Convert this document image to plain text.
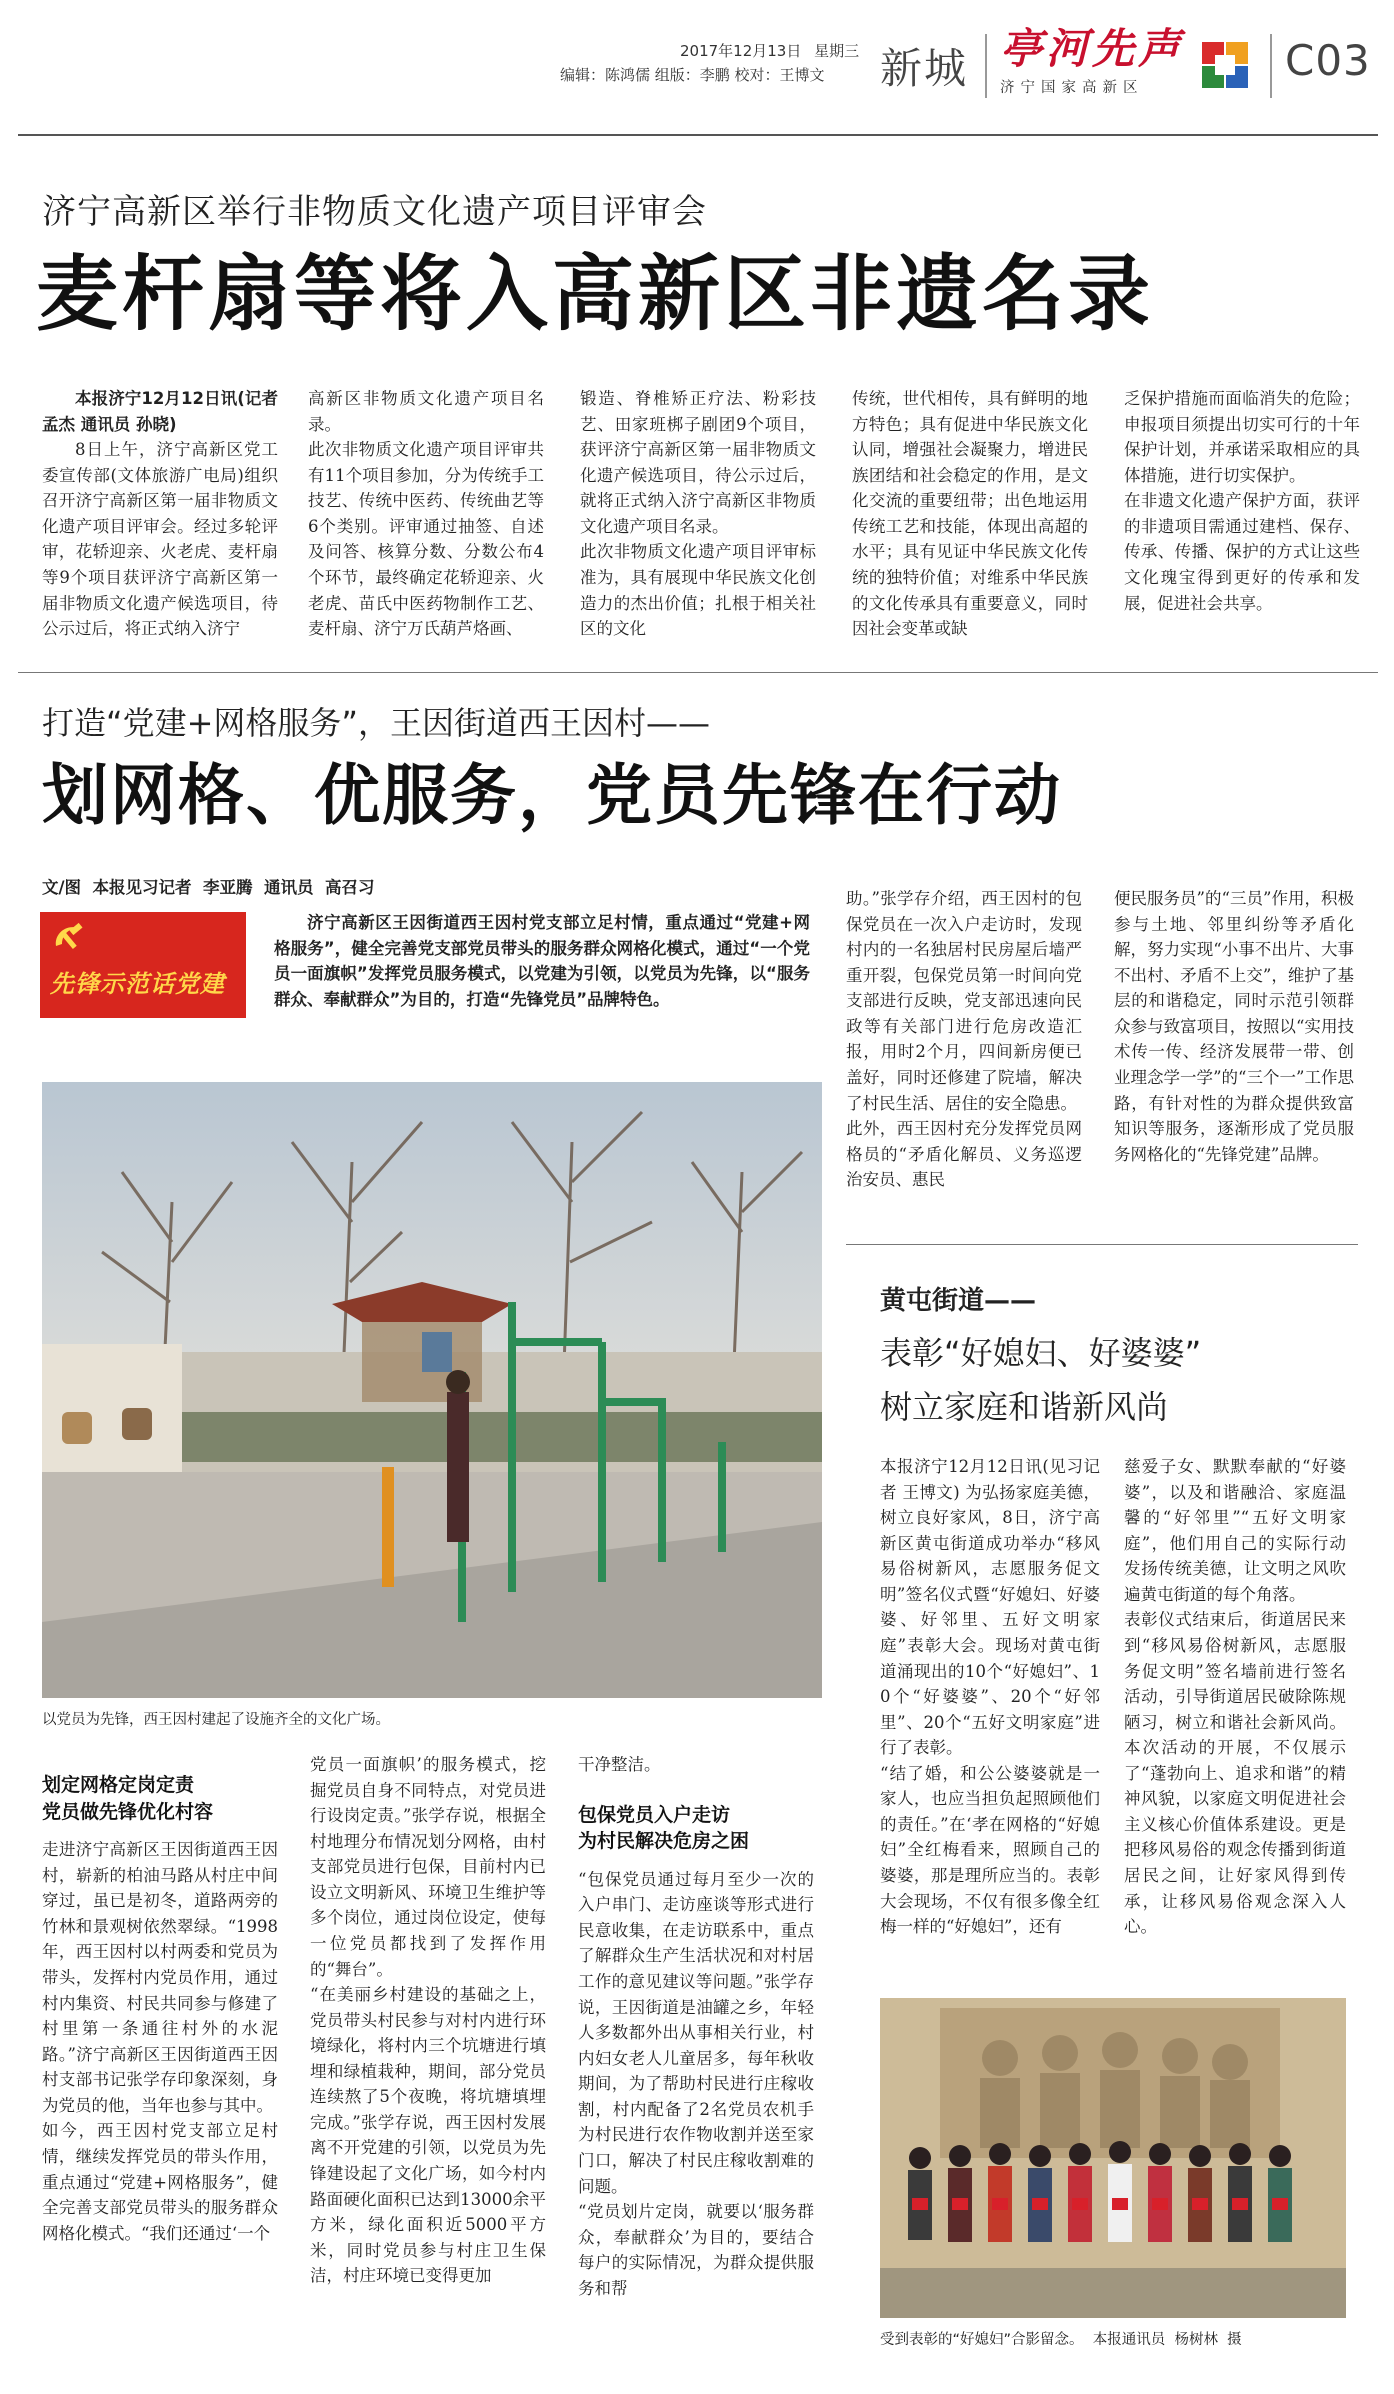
2017年12月13日 星期三
编辑：陈鸿儒 组版：李鹏 校对：王博文 新城 亭河先声
济宁国家高新区
C03
济宁高新区举行非物质文化遗产项目评审会
麦杆扇等将入高新区非遗名录
本报济宁12月12日讯(记者 孟杰 通讯员 孙晓)
8日上午，济宁高新区党工委宣传部(文体旅游广电局)组织召开济宁高新区第一届非物质文化遗产项目评审会。经过多轮评审，花轿迎亲、火老虎、麦杆扇等9个项目获评济宁高新区第一届非物质文化遗产候选项目，待公示过后，将正式纳入济宁
高新区非物质文化遗产项目名录。
此次非物质文化遗产项目评审共有11个项目参加，分为传统手工技艺、传统中医药、传统曲艺等6个类别。评审通过抽签、自述及问答、核算分数、分数公布4个环节，最终确定花轿迎亲、火老虎、苗氏中医药物制作工艺、麦杆扇、济宁万氏葫芦烙画、
锻造、脊椎矫正疗法、粉彩技艺、田家班梆子剧团9个项目，获评济宁高新区第一届非物质文化遗产候选项目，待公示过后，就将正式纳入济宁高新区非物质文化遗产项目名录。
此次非物质文化遗产项目评审标准为，具有展现中华民族文化创造力的杰出价值；扎根于相关社区的文化
传统，世代相传，具有鲜明的地方特色；具有促进中华民族文化认同，增强社会凝聚力，增进民族团结和社会稳定的作用，是文化交流的重要纽带；出色地运用传统工艺和技能，体现出高超的水平；具有见证中华民族文化传统的独特价值；对维系中华民族的文化传承具有重要意义，同时因社会变革或缺
乏保护措施而面临消失的危险；申报项目须提出切实可行的十年保护计划，并承诺采取相应的具体措施，进行切实保护。
在非遗文化遗产保护方面，获评的非遗项目需通过建档、保存、传承、传播、保护的方式让这些文化瑰宝得到更好的传承和发展，促进社会共享。
打造“党建+网格服务”，王因街道西王因村——
划网格、优服务，党员先锋在行动
文/图  本报见习记者  李亚腾  通讯员  高召习
先锋示范话党建
济宁高新区王因街道西王因村党支部立足村情，重点通过“党建+网格服务”，健全完善党支部党员带头的服务群众网格化模式，通过“一个党员一面旗帜”发挥党员服务模式，以党建为引领，以党员为先锋，以“服务群众、奉献群众”为目的，打造“先锋党员”品牌特色。
以党员为先锋，西王因村建起了设施齐全的文化广场。
助。”张学存介绍，西王因村的包保党员在一次入户走访时，发现村内的一名独居村民房屋后墙严重开裂，包保党员第一时间向党支部进行反映，党支部迅速向民政等有关部门进行危房改造汇报，用时2个月，四间新房便已盖好，同时还修建了院墙，解决了村民生活、居住的安全隐患。
此外，西王因村充分发挥党员网格员的“矛盾化解员、义务巡逻治安员、惠民
便民服务员”的“三员”作用，积极参与土地、邻里纠纷等矛盾化解，努力实现“小事不出片、大事不出村、矛盾不上交”，维护了基层的和谐稳定，同时示范引领群众参与致富项目，按照以“实用技术传一传、经济发展带一带、创业理念学一学”的“三个一”工作思路，有针对性的为群众提供致富知识等服务，逐渐形成了党员服务网格化的“先锋党建”品牌。
划定网格定岗定责
党员做先锋优化村容
走进济宁高新区王因街道西王因村，崭新的柏油马路从村庄中间穿过，虽已是初冬，道路两旁的竹林和景观树依然翠绿。“1998年，西王因村以村两委和党员为带头，发挥村内党员作用，通过村内集资、村民共同参与修建了村里第一条通往村外的水泥路。”济宁高新区王因街道西王因村支部书记张学存印象深刻，身为党员的他，当年也参与其中。
如今，西王因村党支部立足村情，继续发挥党员的带头作用，重点通过“党建+网格服务”，健全完善支部党员带头的服务群众网格化模式。“我们还通过‘一个
党员一面旗帜’的服务模式，挖掘党员自身不同特点，对党员进行设岗定责。”张学存说，根据全村地理分布情况划分网格，由村支部党员进行包保，目前村内已设立文明新风、环境卫生维护等多个岗位，通过岗位设定，使每一位党员都找到了发挥作用的“舞台”。
“在美丽乡村建设的基础之上，党员带头村民参与对村内进行环境绿化，将村内三个坑塘进行填埋和绿植栽种，期间，部分党员连续熬了5个夜晚，将坑塘填埋完成。”张学存说，西王因村发展离不开党建的引领，以党员为先锋建设起了文化广场，如今村内路面硬化面积已达到13000余平方米，绿化面积近5000平方米，同时党员参与村庄卫生保洁，村庄环境已变得更加
干净整洁。
包保党员入户走访
为村民解决危房之困
“包保党员通过每月至少一次的入户串门、走访座谈等形式进行民意收集，在走访联系中，重点了解群众生产生活状况和对村居工作的意见建议等问题。”张学存说，王因街道是油罐之乡，年轻人多数都外出从事相关行业，村内妇女老人儿童居多，每年秋收期间，为了帮助村民进行庄稼收割，村内配备了2名党员农机手为村民进行农作物收割并送至家门口，解决了村民庄稼收割难的问题。
“党员划片定岗，就要以‘服务群众，奉献群众’为目的，要结合每户的实际情况，为群众提供服务和帮
黄屯街道——
表彰“好媳妇、好婆婆”
树立家庭和谐新风尚
本报济宁12月12日讯(见习记者 王博文) 为弘扬家庭美德，树立良好家风，8日，济宁高新区黄屯街道成功举办“移风易俗树新风，志愿服务促文明”签名仪式暨“好媳妇、好婆婆、好邻里、五好文明家庭”表彰大会。现场对黄屯街道涌现出的10个“好媳妇”、10个“好婆婆”、20个“好邻里”、20个“五好文明家庭”进行了表彰。
“结了婚，和公公婆婆就是一家人，也应当担负起照顾他们的责任。”在‘孝在网格的“好媳妇”全红梅看来，照顾自己的婆婆，那是理所应当的。表彰大会现场，不仅有很多像全红梅一样的“好媳妇”，还有
慈爱子女、默默奉献的“好婆婆”，以及和谐融洽、家庭温馨的“好邻里”“五好文明家庭”，他们用自己的实际行动发扬传统美德，让文明之风吹遍黄屯街道的每个角落。
表彰仪式结束后，街道居民来到“移风易俗树新风，志愿服务促文明”签名墙前进行签名活动，引导街道居民破除陈规陋习，树立和谐社会新风尚。本次活动的开展，不仅展示了“蓬勃向上、追求和谐”的精神风貌，以家庭文明促进社会主义核心价值体系建设。更是把移风易俗的观念传播到街道居民之间，让好家风得到传承，让移风易俗观念深入人心。
受到表彰的“好媳妇”合影留念。  本报通讯员  杨树林  摄
